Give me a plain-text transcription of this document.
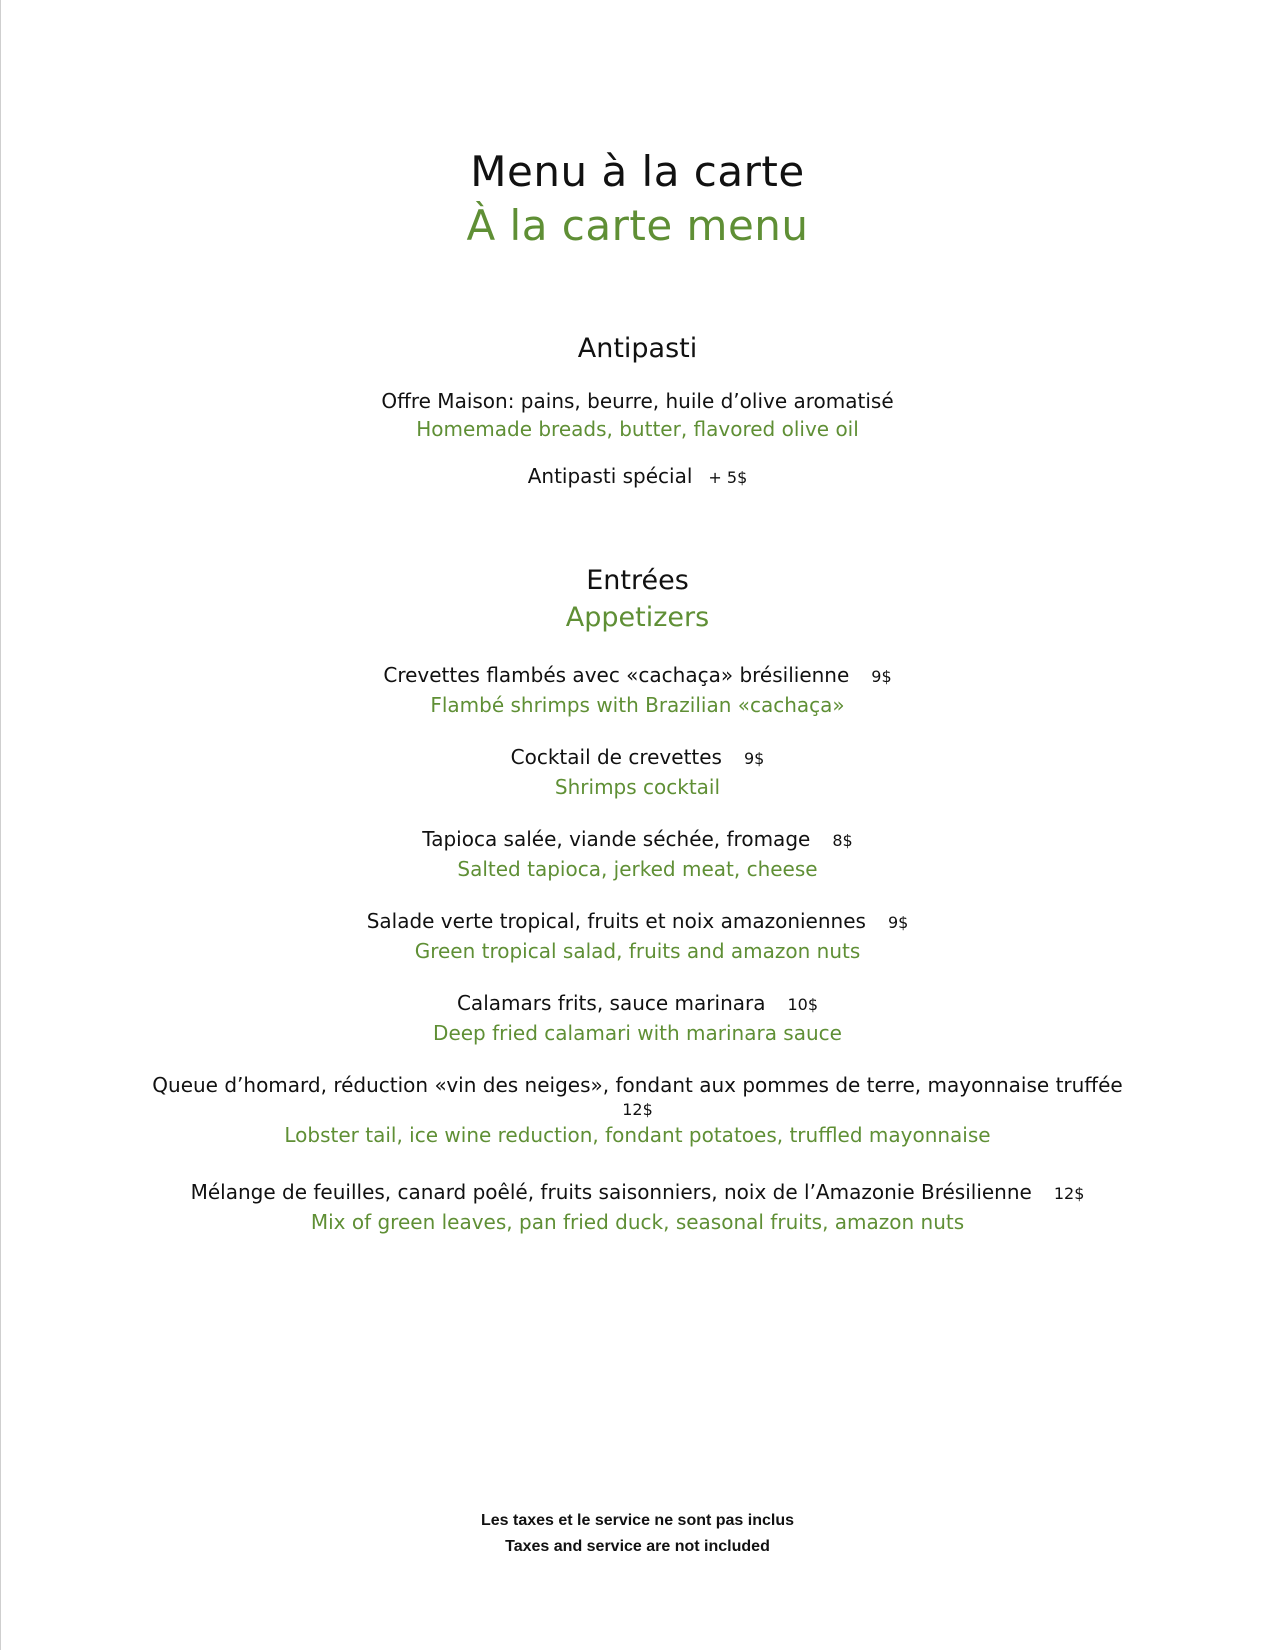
Menu à la carte
À la carte menu
Antipasti
Offre Maison: pains, beurre, huile d’olive aromatisé
Homemade breads, butter, flavored olive oil
Antipasti spécial + 5$
Entrées
Appetizers
Crevettes flambés avec «cachaça» brésilienne 9$
Flambé shrimps with Brazilian «cachaça»
Cocktail de crevettes 9$
Shrimps cocktail
Tapioca salée, viande séchée, fromage 8$
Salted tapioca, jerked meat, cheese
Salade verte tropical, fruits et noix amazoniennes 9$
Green tropical salad, fruits and amazon nuts
Calamars frits, sauce marinara 10$
Deep fried calamari with marinara sauce
Queue d’homard, réduction «vin des neiges», fondant aux pommes de terre, mayonnaise truffée
12$
Lobster tail, ice wine reduction, fondant potatoes, truffled mayonnaise
Mélange de feuilles, canard poêlé, fruits saisonniers, noix de l’Amazonie Brésilienne 12$
Mix of green leaves, pan fried duck, seasonal fruits, amazon nuts
Les taxes et le service ne sont pas inclus
Taxes and service are not included
